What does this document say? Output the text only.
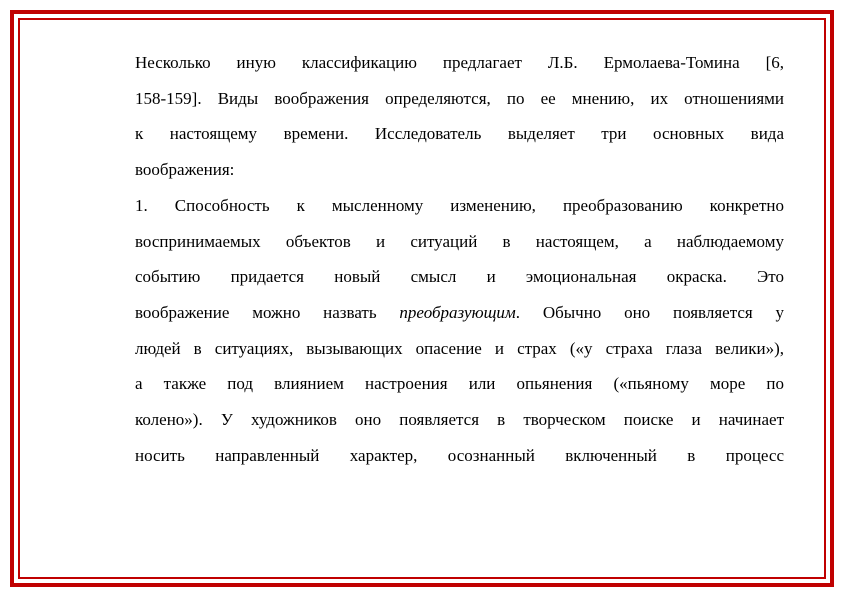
Несколько иную классификацию предлагает Л.Б. Ермолаева-Томина [6,

158-159]. Виды воображения определяются, по ее мнению, их отношениями

к настоящему времени. Исследователь выделяет три основных вида

воображения:

1. Способность к мысленному изменению, преобразованию конкретно

воспринимаемых объектов и ситуаций в настоящем, а наблюдаемому

событию придается новый смысл и эмоциональная окраска. Это

воображение можно назвать преобразующим. Обычно оно появляется у

людей в ситуациях, вызывающих опасение и страх («у страха глаза велики»),

а также под влиянием настроения или опьянения («пьяному море по

колено»). У художников оно появляется в творческом поиске и начинает

носить направленный характер, осознанный включенный в процесс
